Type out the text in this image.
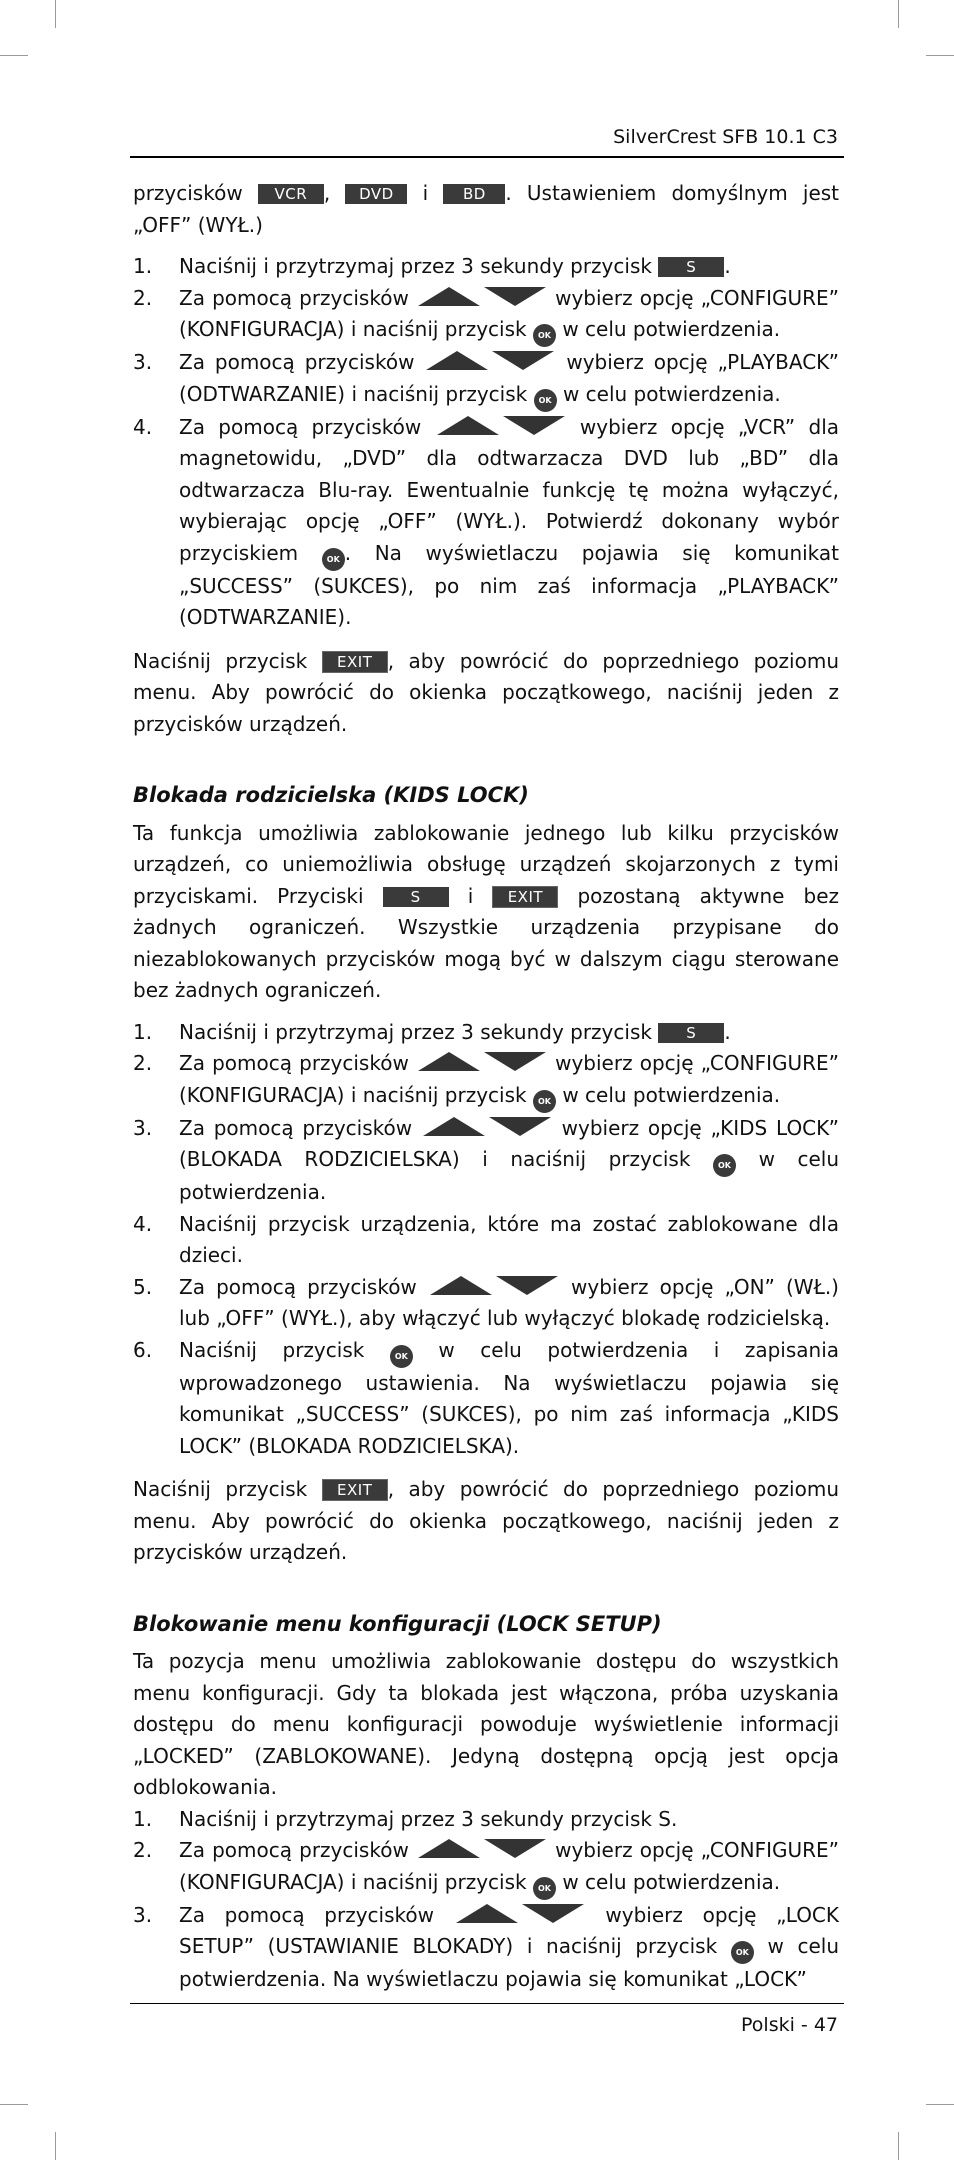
SilverCrest SFB 10.1 C3

przycisków VCR , DVD i BD . Ustawieniem domyślnym jest „OFF” (WYŁ.)

1. Naciśnij i przytrzymaj przez 3 sekundy przycisk S .
2. Za pomocą przycisków	wybierz opcję „CONFIGURE” (KONFIGURACJA) i naciśnij przycisk OK w celu potwierdzenia.
3. Za pomocą przycisków	wybierz opcję „PLAYBACK” (ODTWARZANIE) i naciśnij przycisk OK w celu potwierdzenia.
4. Za pomocą przycisków	wybierz opcję „VCR” dla magnetowidu, „DVD” dla odtwarzacza DVD lub „BD” dla odtwarzacza Blu-ray. Ewentualnie funkcję tę można wyłączyć, wybierając opcję „OFF” (WYŁ.). Potwierdź dokonany wybór przyciskiem	OK . Na wyświetlaczu pojawia się komunikat „SUCCESS” (SUKCES), po nim zaś informacja „PLAYBACK” (ODTWARZANIE).

Naciśnij przycisk EXIT , aby powrócić do poprzedniego poziomu menu. Aby powrócić do okienka początkowego, naciśnij jeden z przycisków urządzeń.

Blokada rodzicielska (KIDS LOCK)

Ta funkcja umożliwia zablokowanie jednego lub kilku przycisków urządzeń, co uniemożliwia obsługę urządzeń skojarzonych z tymi przyciskami. Przyciski	S i EXIT pozostaną aktywne bez żadnych ograniczeń. Wszystkie urządzenia przypisane do niezablokowanych przycisków mogą być w dalszym ciągu sterowane bez żadnych ograniczeń.

1. Naciśnij i przytrzymaj przez 3 sekundy przycisk S .
2. Za pomocą przycisków	wybierz opcję „CONFIGURE” (KONFIGURACJA) i naciśnij przycisk OK w celu potwierdzenia.
3. Za pomocą przycisków	wybierz opcję „KIDS LOCK” (BLOKADA RODZICIELSKA) i naciśnij przycisk	OK w celu potwierdzenia.
4. Naciśnij przycisk urządzenia, które ma zostać zablokowane dla dzieci.
5. Za pomocą przycisków	wybierz opcję „ON” (WŁ.) lub „OFF” (WYŁ.), aby włączyć lub wyłączyć blokadę rodzicielską.
6. Naciśnij przycisk	OK w celu potwierdzenia i zapisania wprowadzonego ustawienia. Na wyświetlaczu pojawia się komunikat „SUCCESS” (SUKCES), po nim zaś informacja „KIDS LOCK” (BLOKADA RODZICIELSKA).

Naciśnij przycisk EXIT , aby powrócić do poprzedniego poziomu menu. Aby powrócić do okienka początkowego, naciśnij jeden z przycisków urządzeń.

Blokowanie menu konfiguracji (LOCK SETUP)

Ta pozycja menu umożliwia zablokowanie dostępu do wszystkich menu konfiguracji. Gdy ta blokada jest włączona, próba uzyskania dostępu do menu konfiguracji powoduje wyświetlenie informacji „LOCKED” (ZABLOKOWANE). Jedyną dostępną opcją jest opcja odblokowania.

1. Naciśnij i przytrzymaj przez 3 sekundy przycisk S.
2. Za pomocą przycisków	wybierz opcję „CONFIGURE” (KONFIGURACJA) i naciśnij przycisk OK w celu potwierdzenia.
3. Za pomocą przycisków	wybierz opcję „LOCK SETUP” (USTAWIANIE BLOKADY) i naciśnij przycisk OK w celu potwierdzenia. Na wyświetlaczu pojawia się komunikat „LOCK”
Polski - 47
